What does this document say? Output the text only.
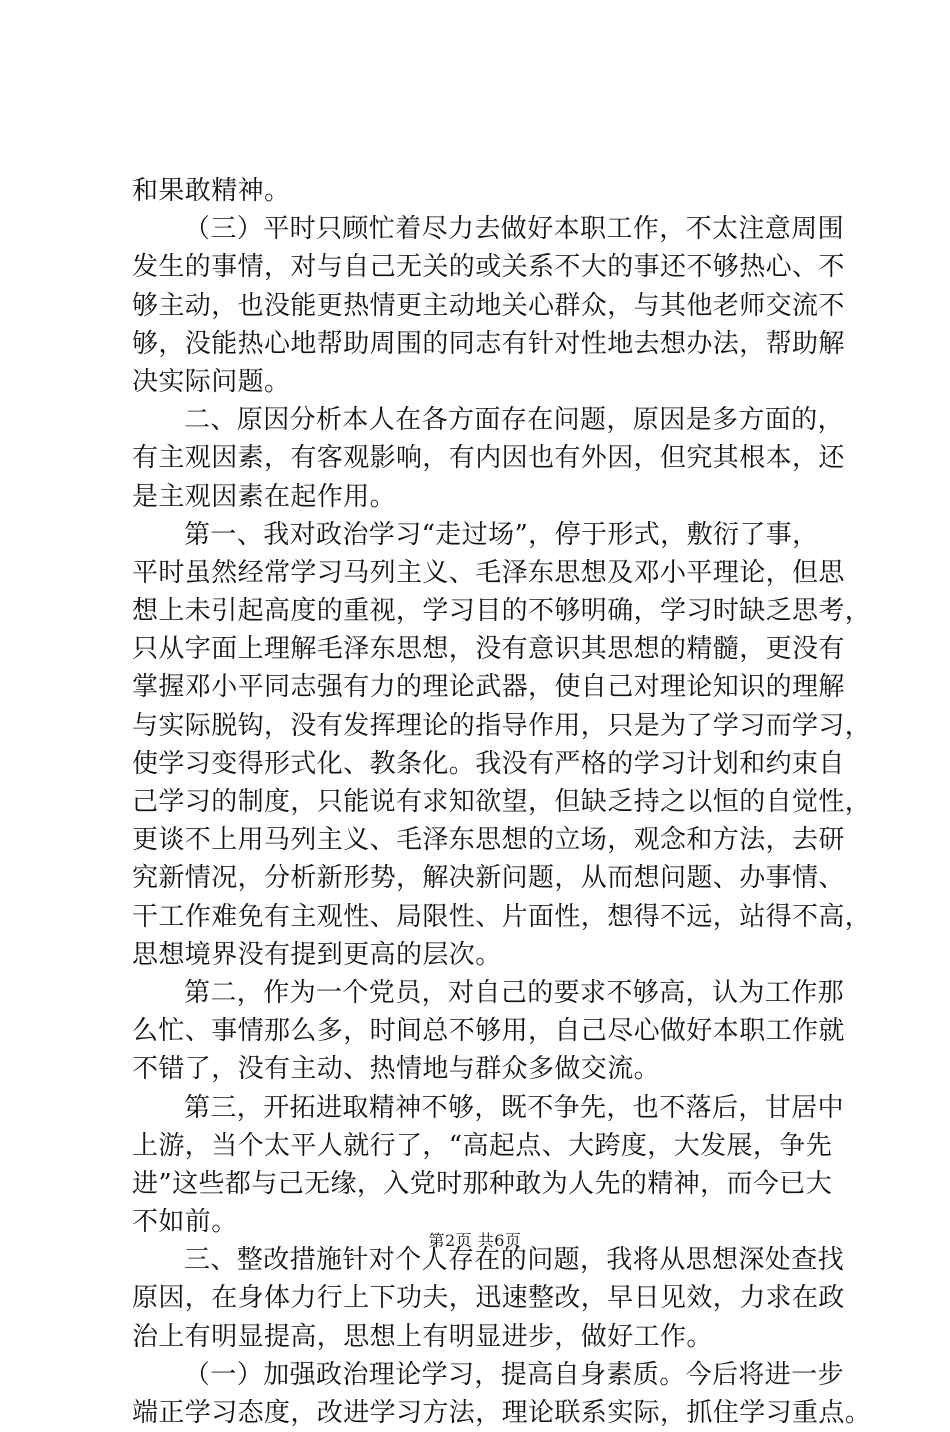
和果敢精神。
（三）平时只顾忙着尽力去做好本职工作，不太注意周围
发生的事情，对与自己无关的或关系不大的事还不够热心、不
够主动，也没能更热情更主动地关心群众，与其他老师交流不
够，没能热心地帮助周围的同志有针对性地去想办法，帮助解
决实际问题。
二、原因分析本人在各方面存在问题，原因是多方面的，
有主观因素，有客观影响，有内因也有外因，但究其根本，还
是主观因素在起作用。
第一、我对政治学习“走过场”，停于形式，敷衍了事，
平时虽然经常学习马列主义、毛泽东思想及邓小平理论，但思
想上未引起高度的重视，学习目的不够明确，学习时缺乏思考，
只从字面上理解毛泽东思想，没有意识其思想的精髓，更没有
掌握邓小平同志强有力的理论武器，使自己对理论知识的理解
与实际脱钩，没有发挥理论的指导作用，只是为了学习而学习，
使学习变得形式化、教条化。我没有严格的学习计划和约束自
己学习的制度，只能说有求知欲望，但缺乏持之以恒的自觉性，
更谈不上用马列主义、毛泽东思想的立场，观念和方法，去研
究新情况，分析新形势，解决新问题，从而想问题、办事情、
干工作难免有主观性、局限性、片面性，想得不远，站得不高，
思想境界没有提到更高的层次。
第二，作为一个党员，对自己的要求不够高，认为工作那
么忙、事情那么多，时间总不够用，自己尽心做好本职工作就
不错了，没有主动、热情地与群众多做交流。
第三，开拓进取精神不够，既不争先，也不落后，甘居中
上游，当个太平人就行了，“高起点、大跨度，大发展，争先
进”这些都与己无缘，入党时那种敢为人先的精神，而今已大
不如前。
三、整改措施针对个人存在的问题，我将从思想深处查找
原因，在身体力行上下功夫，迅速整改，早日见效，力求在政
治上有明显提高，思想上有明显进步，做好工作。
（一）加强政治理论学习，提高自身素质。今后将进一步
端正学习态度，改进学习方法，理论联系实际，抓住学习重点。
第2页 共6页
